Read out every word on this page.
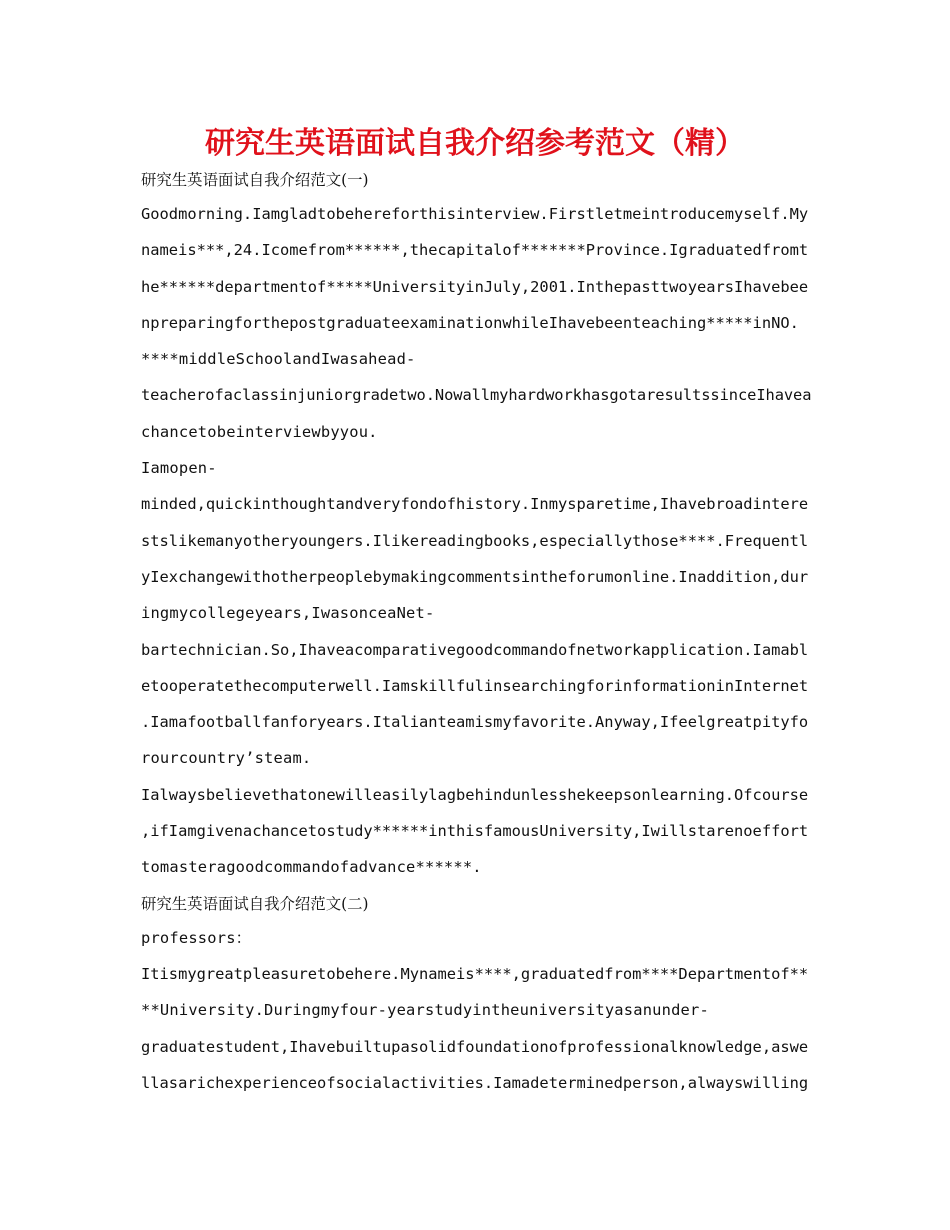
研究生英语面试自我介绍参考范文（精）
研究生英语面试自我介绍范文(一)
Goodmorning.Iamgladtobehereforthisinterview.Firstletmeintroducemyself.My
nameis***,24.Icomefrom******,thecapitalof*******Province.Igraduatedfromt
he******departmentof*****UniversityinJuly,2001.InthepasttwoyearsIhavebee
npreparingforthepostgraduateexaminationwhileIhavebeenteaching*****inNO.
****middleSchoolandIwasahead-
teacherofaclassinjuniorgradetwo.NowallmyhardworkhasgotaresultssinceIhavea
chancetobeinterviewbyyou.
Iamopen-
minded,quickinthoughtandveryfondofhistory.Inmysparetime,Ihavebroadintere
stslikemanyotheryoungers.Ilikereadingbooks,especiallythose****.Frequentl
yIexchangewithotherpeoplebymakingcommentsintheforumonline.Inaddition,dur
ingmycollegeyears,IwasonceaNet-
bartechnician.So,Ihaveacomparativegoodcommandofnetworkapplication.Iamabl
etooperatethecomputerwell.IamskillfulinsearchingforinformationinInternet
.Iamafootballfanforyears.Italianteamismyfavorite.Anyway,Ifeelgreatpityfo
rourcountry’steam.
Ialwaysbelievethatonewilleasilylagbehindunlesshekeepsonlearning.Ofcourse
,ifIamgivenachancetostudy******inthisfamousUniversity,Iwillstarenoeffort
tomasteragoodcommandofadvance******.
研究生英语面试自我介绍范文(二)
professors：
Itismygreatpleasuretobehere.Mynameis****,graduatedfrom****Departmentof**
**University.Duringmyfour-yearstudyintheuniversityasanunder-
graduatestudent,Ihavebuiltupasolidfoundationofprofessionalknowledge,aswe
llasarichexperienceofsocialactivities.Iamadeterminedperson,alwayswilling
